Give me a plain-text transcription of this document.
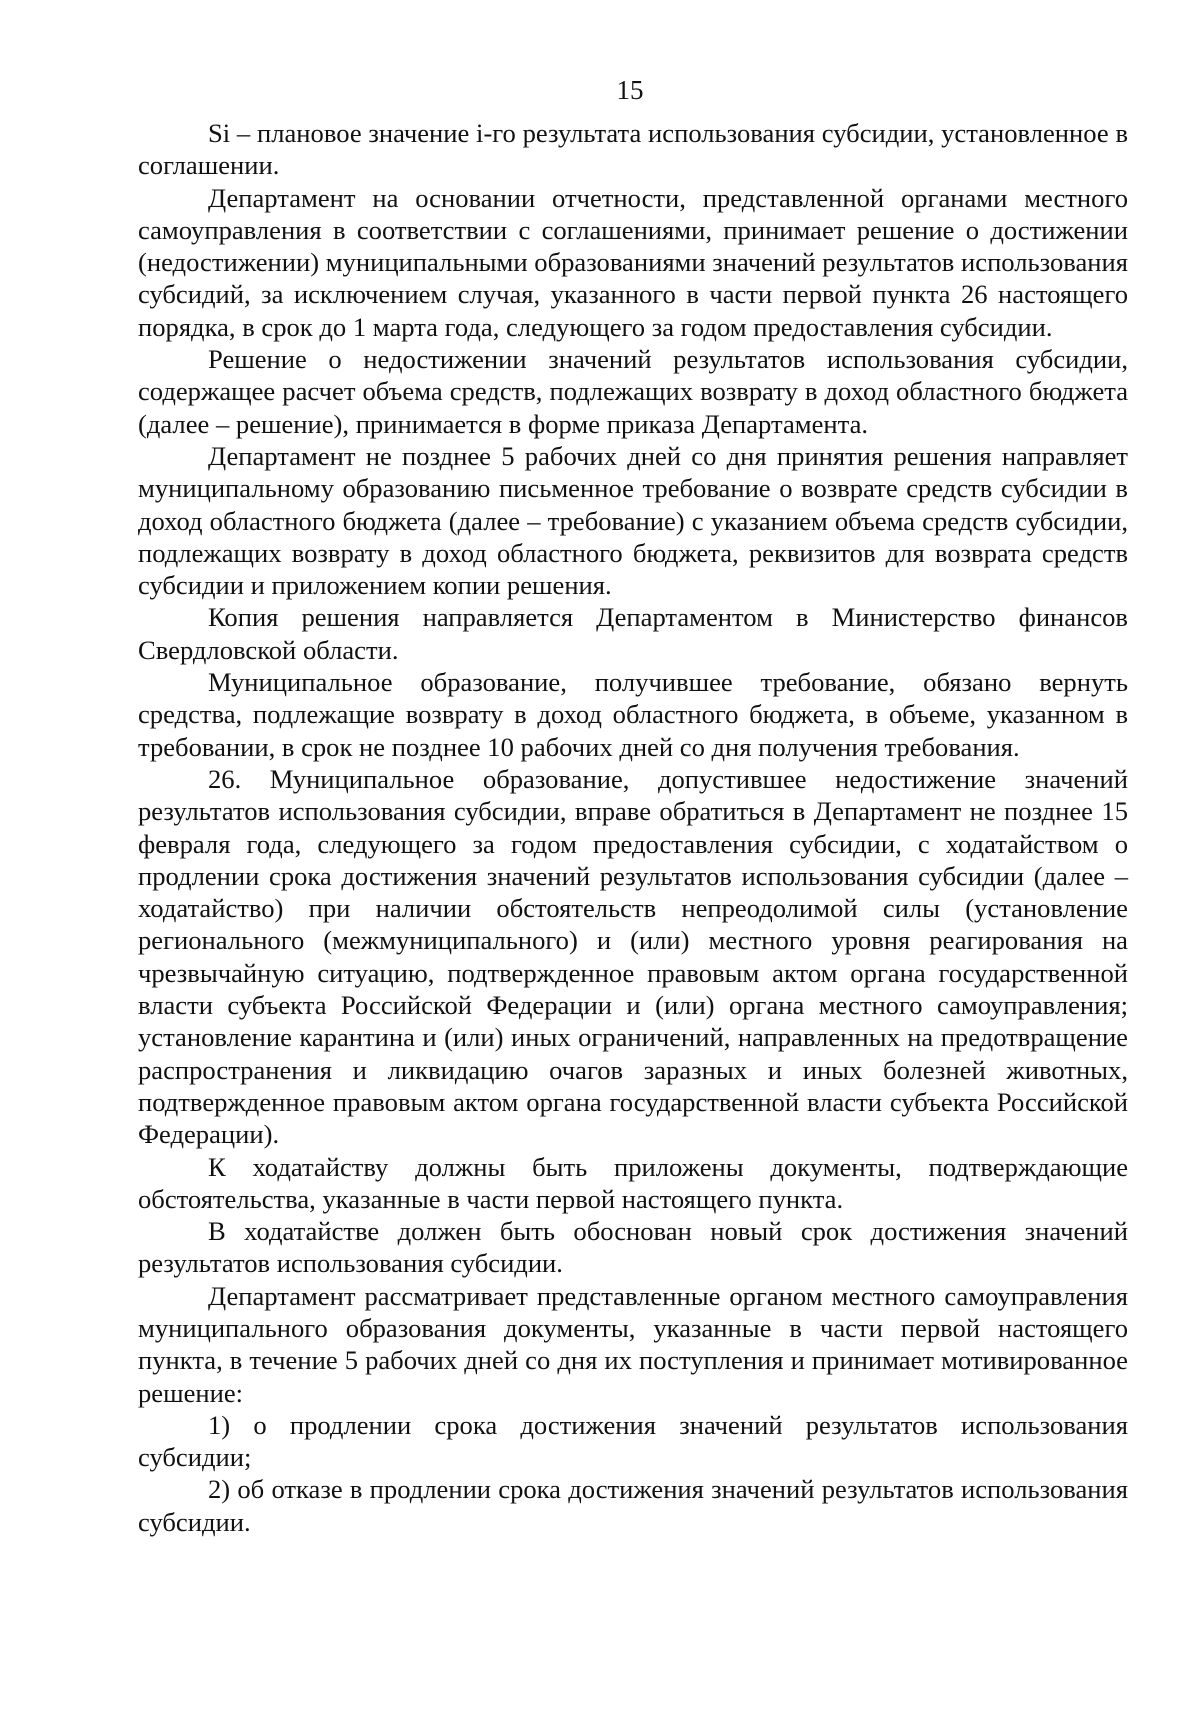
15

Si – плановое значение i-го результата использования субсидии, установленное в соглашении.

Департамент на основании отчетности, представленной органами местного самоуправления в соответствии с соглашениями, принимает решение о достижении (недостижении) муниципальными образованиями значений результатов использования субсидий, за исключением случая, указанного в части первой пункта 26 настоящего порядка, в срок до 1 марта года, следующего за годом предоставления субсидии.

Решение о недостижении значений результатов использования субсидии, содержащее расчет объема средств, подлежащих возврату в доход областного бюджета (далее – решение), принимается в форме приказа Департамента.

Департамент не позднее 5 рабочих дней со дня принятия решения направляет муниципальному образованию письменное требование о возврате средств субсидии в доход областного бюджета (далее – требование) с указанием объема средств субсидии, подлежащих возврату в доход областного бюджета, реквизитов для возврата средств субсидии и приложением копии решения.

Копия решения направляется Департаментом в Министерство финансов Свердловской области.

Муниципальное образование, получившее требование, обязано вернуть средства, подлежащие возврату в доход областного бюджета, в объеме, указанном в требовании, в срок не позднее 10 рабочих дней со дня получения требования.

26. Муниципальное образование, допустившее недостижение значений результатов использования субсидии, вправе обратиться в Департамент не позднее 15 февраля года, следующего за годом предоставления субсидии, с ходатайством о продлении срока достижения значений результатов использования субсидии (далее – ходатайство) при наличии обстоятельств непреодолимой силы (установление регионального (межмуниципального) и (или) местного уровня реагирования на чрезвычайную ситуацию, подтвержденное правовым актом органа государственной власти субъекта Российской Федерации и (или) органа местного самоуправления; установление карантина и (или) иных ограничений, направленных на предотвращение распространения и ликвидацию очагов заразных и иных болезней животных, подтвержденное правовым актом органа государственной власти субъекта Российской Федерации).

К ходатайству должны быть приложены документы, подтверждающие обстоятельства, указанные в части первой настоящего пункта.

В ходатайстве должен быть обоснован новый срок достижения значений результатов использования субсидии.

Департамент рассматривает представленные органом местного самоуправления муниципального образования документы, указанные в части первой настоящего пункта, в течение 5 рабочих дней со дня их поступления и принимает мотивированное решение:

1) о продлении срока достижения значений результатов использования субсидии;

2) об отказе в продлении срока достижения значений результатов использования субсидии.
